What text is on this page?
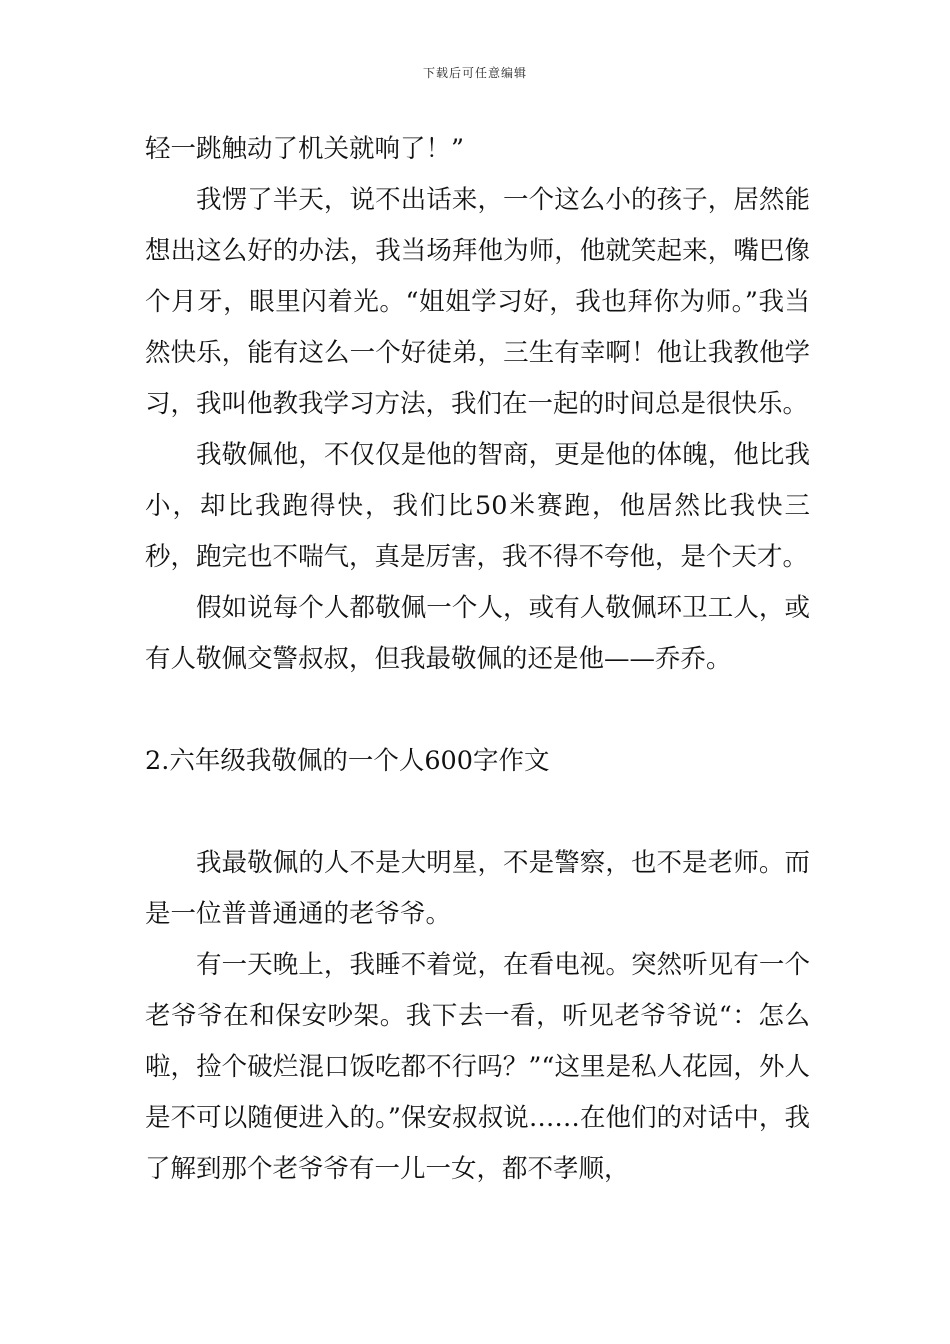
下载后可任意编辑

轻一跳触动了机关就响了！”

我愣了半天，说不出话来，一个这么小的孩子，居然能想出这么好的办法，我当场拜他为师，他就笑起来，嘴巴像个月牙，眼里闪着光。“姐姐学习好，我也拜你为师。”我当然快乐，能有这么一个好徒弟，三生有幸啊！他让我教他学习，我叫他教我学习方法，我们在一起的时间总是很快乐。

我敬佩他，不仅仅是他的智商，更是他的体魄，他比我小，却比我跑得快，我们比50米赛跑，他居然比我快三秒，跑完也不喘气，真是厉害，我不得不夸他，是个天才。

假如说每个人都敬佩一个人，或有人敬佩环卫工人，或有人敬佩交警叔叔，但我最敬佩的还是他——乔乔。

2.六年级我敬佩的一个人600字作文

我最敬佩的人不是大明星，不是警察，也不是老师。而是一位普普通通的老爷爷。

有一天晚上，我睡不着觉，在看电视。突然听见有一个老爷爷在和保安吵架。我下去一看，听见老爷爷说“：怎么啦，捡个破烂混口饭吃都不行吗？”“这里是私人花园，外人是不可以随便进入的。”保安叔叔说……在他们的对话中，我了解到那个老爷爷有一儿一女，都不孝顺，
